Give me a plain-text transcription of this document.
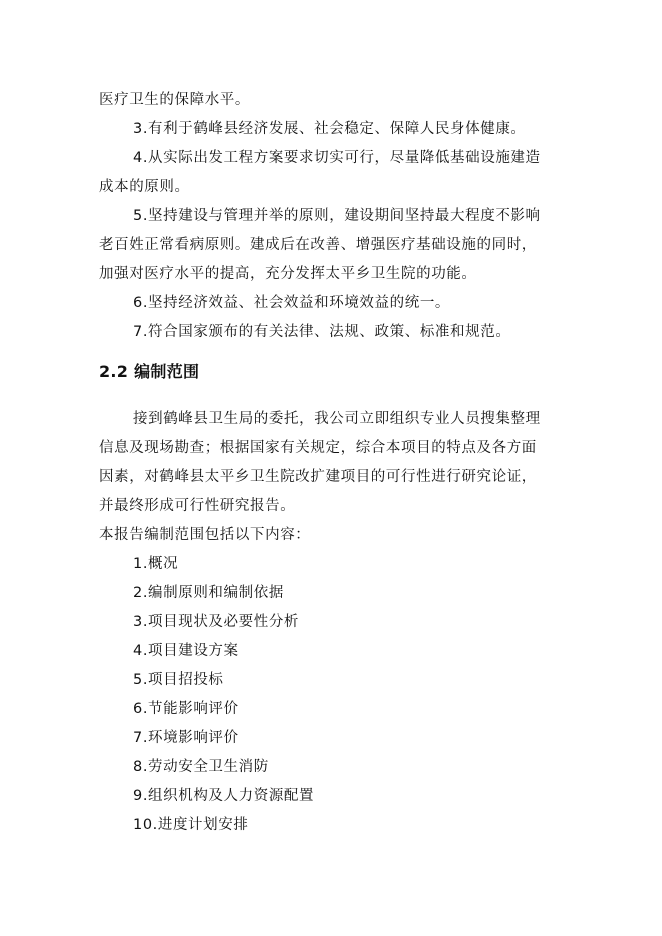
医疗卫生的保障水平。
3.有利于鹤峰县经济发展、社会稳定、保障人民身体健康。
4.从实际出发工程方案要求切实可行，尽量降低基础设施建造
成本的原则。
5.坚持建设与管理并举的原则，建设期间坚持最大程度不影响
老百姓正常看病原则。建成后在改善、增强医疗基础设施的同时，
加强对医疗水平的提高，充分发挥太平乡卫生院的功能。
6.坚持经济效益、社会效益和环境效益的统一。
7.符合国家颁布的有关法律、法规、政策、标准和规范。
2.2 编制范围
接到鹤峰县卫生局的委托，我公司立即组织专业人员搜集整理
信息及现场勘查；根据国家有关规定，综合本项目的特点及各方面
因素，对鹤峰县太平乡卫生院改扩建项目的可行性进行研究论证，
并最终形成可行性研究报告。
本报告编制范围包括以下内容：
1.概况
2.编制原则和编制依据
3.项目现状及必要性分析
4.项目建设方案
5.项目招投标
6.节能影响评价
7.环境影响评价
8.劳动安全卫生消防
9.组织机构及人力资源配置
10.进度计划安排
